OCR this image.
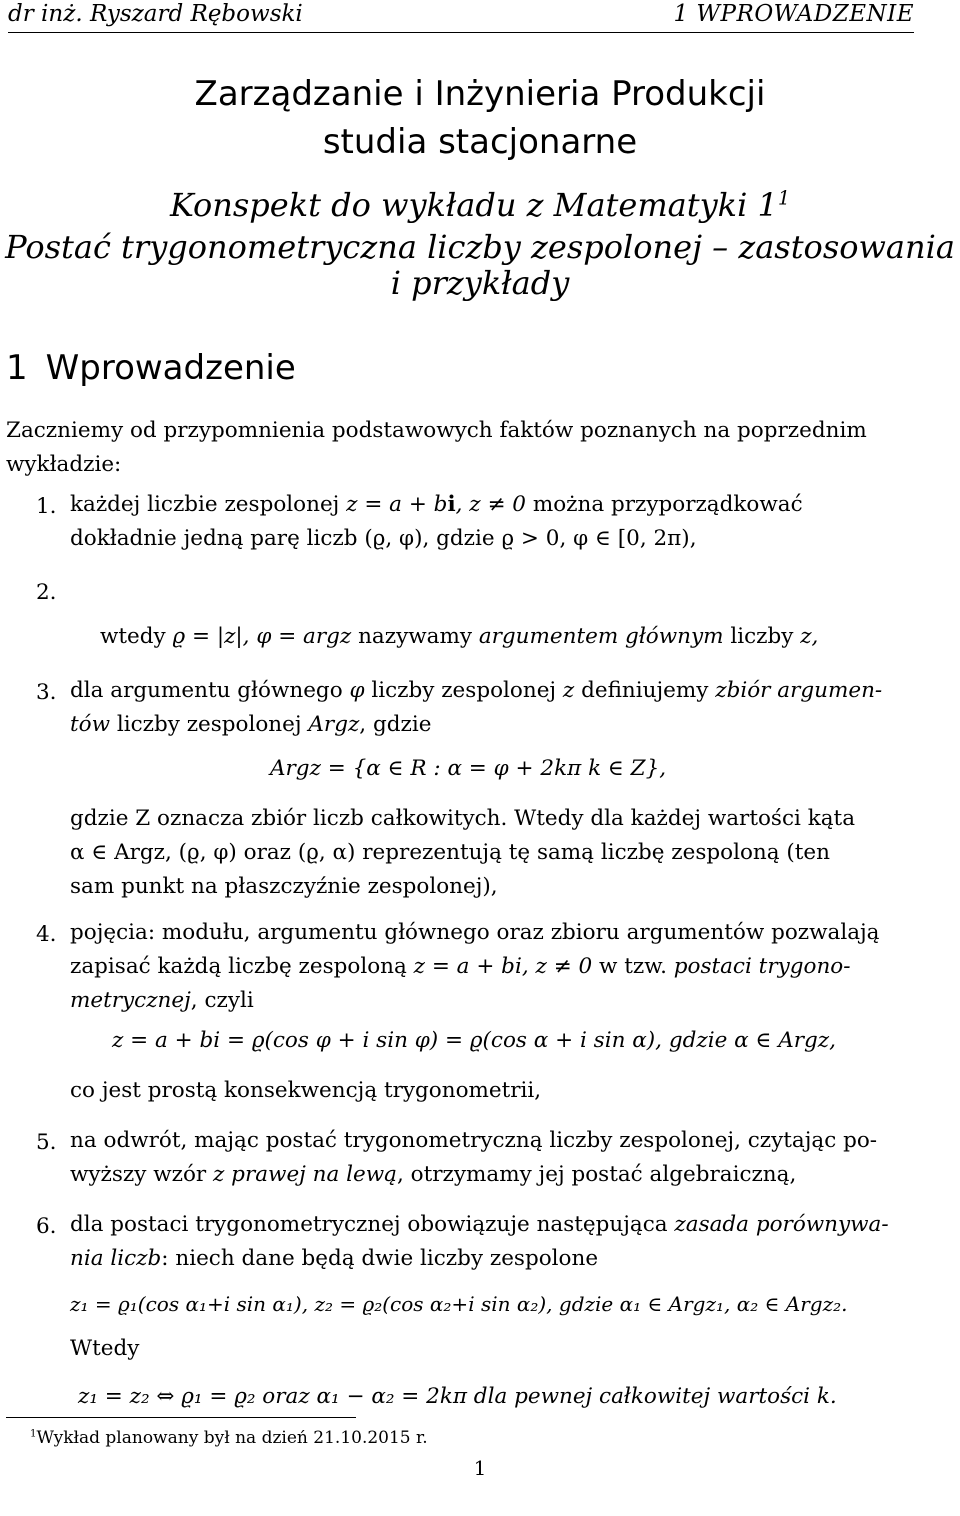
dr inż. Ryszard Rębowski	1 WPROWADZENIE
Zarządzanie i Inżynieria Produkcji
studia stacjonarne
Konspekt do wykładu z Matematyki $1^1$
Postać trygonometryczna liczby zespolonej – zastosowania
i przykłady
1 Wprowadzenie
Zaczniemy od przypomnienia podstawowych faktów poznanych na poprzednim wykładzie:
1. każdej liczbie zespolonej z = a + bi, z ≠ 0 można przyporządkować
dokładnie jedną parę liczb (ϱ, φ), gdzie ϱ > 0, φ ∈ [0, 2π),
2.
wtedy ϱ = |z|, φ = argz nazywamy argumentem głównym liczby z,
3. dla argumentu głównego φ liczby zespolonej z definiujemy zbiór argumen-
tów liczby zespolonej Argz, gdzie
Argz = {α ∈ R : α = φ + 2kπ k ∈ Z},
gdzie Z oznacza zbiór liczb całkowitych. Wtedy dla każdej wartości kąta
α ∈ Argz, (ϱ, φ) oraz (ϱ, α) reprezentują tę samą liczbę zespoloną (ten
sam punkt na płaszczyźnie zespolonej),
4. pojęcia: modułu, argumentu głównego oraz zbioru argumentów pozwalają
zapisać każdą liczbę zespoloną z = a + bi, z ≠ 0 w tzw. postaci trygono-
metrycznej, czyli
z = a + bi = ϱ(cos φ + i sin φ) = ϱ(cos α + i sin α), gdzie α ∈ Argz,
co jest prostą konsekwencją trygonometrii,
5. na odwrót, mając postać trygonometryczną liczby zespolonej, czytając po-
wyższy wzór z prawej na lewą, otrzymamy jej postać algebraiczną,
6. dla postaci trygonometrycznej obowiązuje następująca zasada porównywa-
nia liczb: niech dane będą dwie liczby zespolone
z₁ = ϱ₁(cos α₁+i sin α₁), z₂ = ϱ₂(cos α₂+i sin α₂), gdzie α₁ ∈ Argz₁, α₂ ∈ Argz₂.
Wtedy
z₁ = z₂ ⇔ ϱ₁ = ϱ₂ oraz α₁ − α₂ = 2kπ dla pewnej całkowitej wartości k.
$^1$Wykład planowany był na dzień 21.10.2015 r.
1
